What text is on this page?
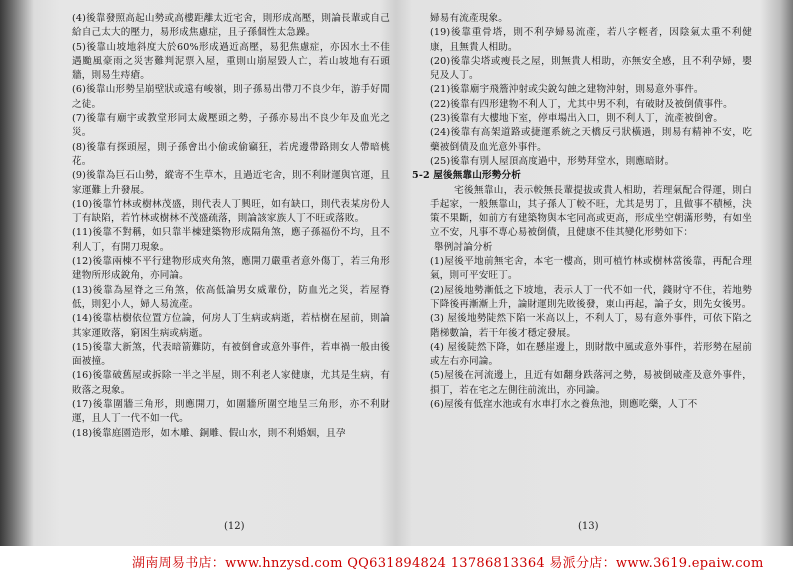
(4)後靠發照高起山勢或高樓距離太近宅舍，則形成高壓，則論長輩或自己給自己太大的壓力，易形成焦慮症，且子孫個性太急躁。

(5)後靠山坡地斜度大於60%形成過近高壓，易犯焦慮症，亦因水土不佳遇颱風豪雨之災害難判泥票入屋，重則山崩屋毀人亡，若山坡地有石頭牆，則易生痔瘡。

(6)後靠山形勢呈崩壁狀或遠有峻嶺，則子孫易出帶刀不良少年，游手好閒之徒。

(7)後靠有廟宇或教堂形同太歲壓頭之勢，子孫亦易出不良少年及血光之災。

(8)後靠有探頭屋，則子孫會出小偷或偷竊狂，若虎邊帶路則女人帶暗桃花。

(9)後靠為巨石山勢，縱寄不生草木，且過近宅舍，則不利財運與官運，且家運難上升發展。

(10)後靠竹林或樹林茂盛，則代表人丁興旺，如有缺口，則代表某房份人丁有缺陷，若竹林或樹林不茂盛疏落，則論該家族人丁不旺或落敗。

(11)後靠不對稱，如只靠半棟建築物形成隔角煞，應子孫福份不均，且不利人丁，有開刀現象。

(12)後靠兩棟不平行建物形成夾角煞，應開刀嚴重者意外傷丁，若三角形建物所形成銳角，亦同論。

(13)後靠為屋脊之三角煞，依高低論男女威輩份，防血光之災，若屋脊低，則犯小人，婦人易流產。

(14)後靠枯樹依位置方位論，何房人丁生病或病逝，若枯樹在屋前，則論其家運敗落，窮困生病或病逝。

(15)後靠大新煞，代表暗箭難防，有被倒會或意外事件，若車禍一般由後面被撞。

(16)後靠破舊屋或拆除一半之半屋，則不利老人家健康，尤其是生病，有敗落之現象。

(17)後靠圍牆三角形，則應開刀，如圍牆所圍空地呈三角形，亦不利財運，且人丁一代不如一代。

(18)後靠庭園造形，如木雕、銅雕、假山水，則不利婚姻，且孕

(12)

婦易有流產現象。

(19)後靠重骨塔，則不利孕婦易流產，若八字輕者，因陰氣太重不利健康，且無貴人相助。

(20)後靠尖塔或瘦長之屋，則無貴人相助，亦無安全感，且不利孕婦，嬰兒及人丁。

(21)後靠廟宇飛簷沖射或尖銳勾蝕之建物沖射，則易意外事件。

(22)後靠有四形建物不利人丁，尤其中男不利，有破財及被倒債事件。

(23)後靠有大樓地下室，停車場出入口，則不利人丁，流產被倒會。

(24)後靠有高架道路或捷運系統之天橋反弓狀橫過，則易有精神不安，吃藥被倒債及血光意外事件。

(25)後靠有別人屋頂高度過中，形勢拜堂水，則應暗財。

5-2 屋後無靠山形勢分析

宅後無靠山，表示較無長輩提拔或貴人相助，若理氣配合得運，則白手起家，一般無靠山，其子孫人丁較不旺，尤其是男丁，且做事不積極，決策不果斷，如前方有建築物與本宅同高或更高，形成坐空朝滿形勢，有如坐立不安，凡事不專心易被倒債，且健康不佳其變化形勢如下：

舉例討論分析

(1)屋後平地前無宅舍，本宅一樓高，則可植竹林或樹林當後靠，再配合理氣，則可平安旺丁。

(2)屋後地勢漸低之下坡地，表示人丁一代不如一代，錢財守不住，若地勢下降後再漸漸上升，論財運則先敗後發，東山再起，論子女，則先女後男。

(3) 屋後地勢陡然下陷一米高以上，不利人丁，易有意外事件，可依下陷之階梯數論，若干年後才穩定發展。

(4) 屋後陡然下降，如在懸崖邊上，則財散中風或意外事件，若形勢在屋前或左右亦同論。

(5)屋後在河流邊上，且近有如翻身跌落河之勢，易被倒破產及意外事件，損丁，若在宅之左側往前流出，亦同論。

(6)屋後有低窪水池或有水車打水之養魚池，則應吃藥，人丁不

(13)
湖南周易书店：www.hnzysd.com QQ631894824 13786813364 易派分店：www.3619.epaiw.com
